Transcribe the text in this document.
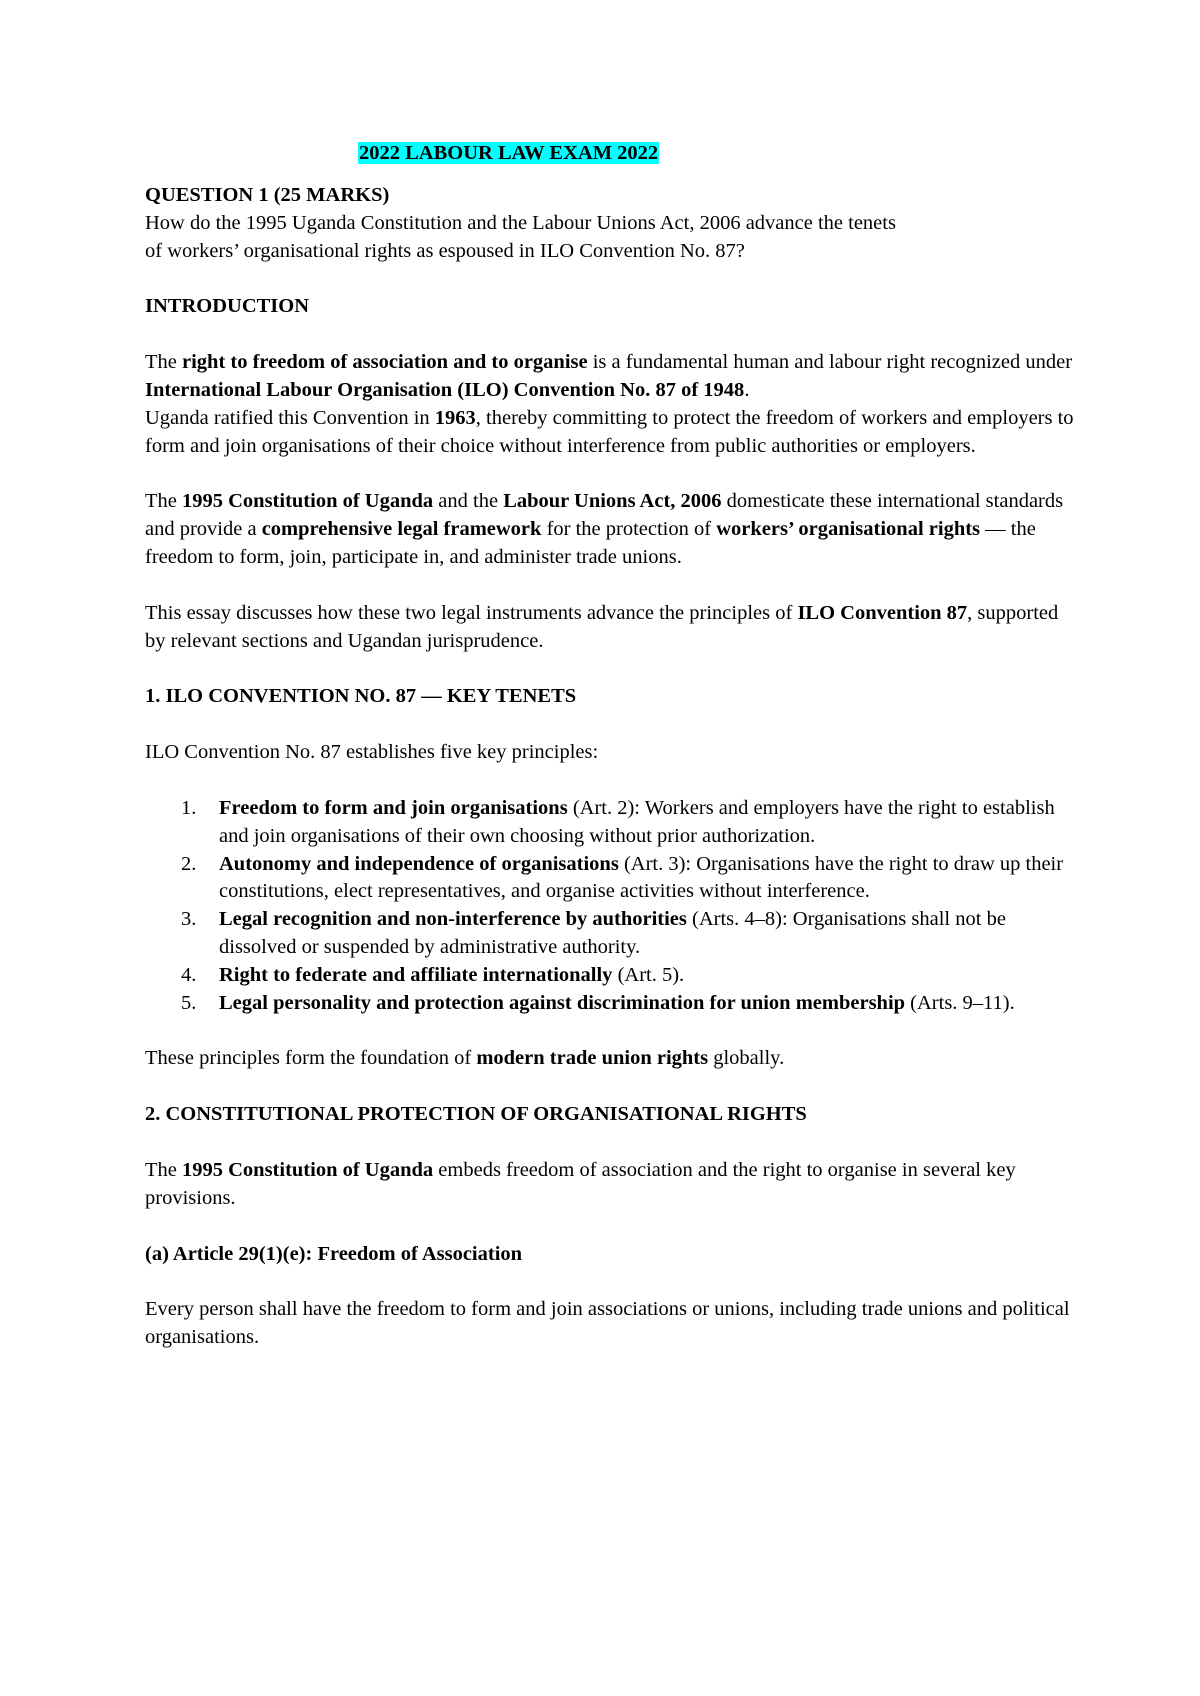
2022 LABOUR LAW EXAM 2022

QUESTION 1 (25 MARKS)

How do the 1995 Uganda Constitution and the Labour Unions Act, 2006 advance the tenets
of workers’ organisational rights as espoused in ILO Convention No. 87?

INTRODUCTION

The right to freedom of association and to organise is a fundamental human and labour right recognized under International Labour Organisation (ILO) Convention No. 87 of 1948.

Uganda ratified this Convention in 1963, thereby committing to protect the freedom of workers and employers to form and join organisations of their choice without interference from public authorities or employers.

The 1995 Constitution of Uganda and the Labour Unions Act, 2006 domesticate these international standards and provide a comprehensive legal framework for the protection of workers’ organisational rights — the freedom to form, join, participate in, and administer trade unions.

This essay discusses how these two legal instruments advance the principles of ILO Convention 87, supported by relevant sections and Ugandan jurisprudence.

1. ILO CONVENTION NO. 87 — KEY TENETS

ILO Convention No. 87 establishes five key principles:

1. Freedom to form and join organisations (Art. 2): Workers and employers have the right to establish and join organisations of their own choosing without prior authorization.
2. Autonomy and independence of organisations (Art. 3): Organisations have the right to draw up their constitutions, elect representatives, and organise activities without interference.
3. Legal recognition and non-interference by authorities (Arts. 4–8): Organisations shall not be dissolved or suspended by administrative authority.
4. Right to federate and affiliate internationally (Art. 5).
5. Legal personality and protection against discrimination for union membership (Arts. 9–11).

These principles form the foundation of modern trade union rights globally.

2. CONSTITUTIONAL PROTECTION OF ORGANISATIONAL RIGHTS

The 1995 Constitution of Uganda embeds freedom of association and the right to organise in several key provisions.

(a) Article 29(1)(e): Freedom of Association

Every person shall have the freedom to form and join associations or unions, including trade unions and political organisations.
